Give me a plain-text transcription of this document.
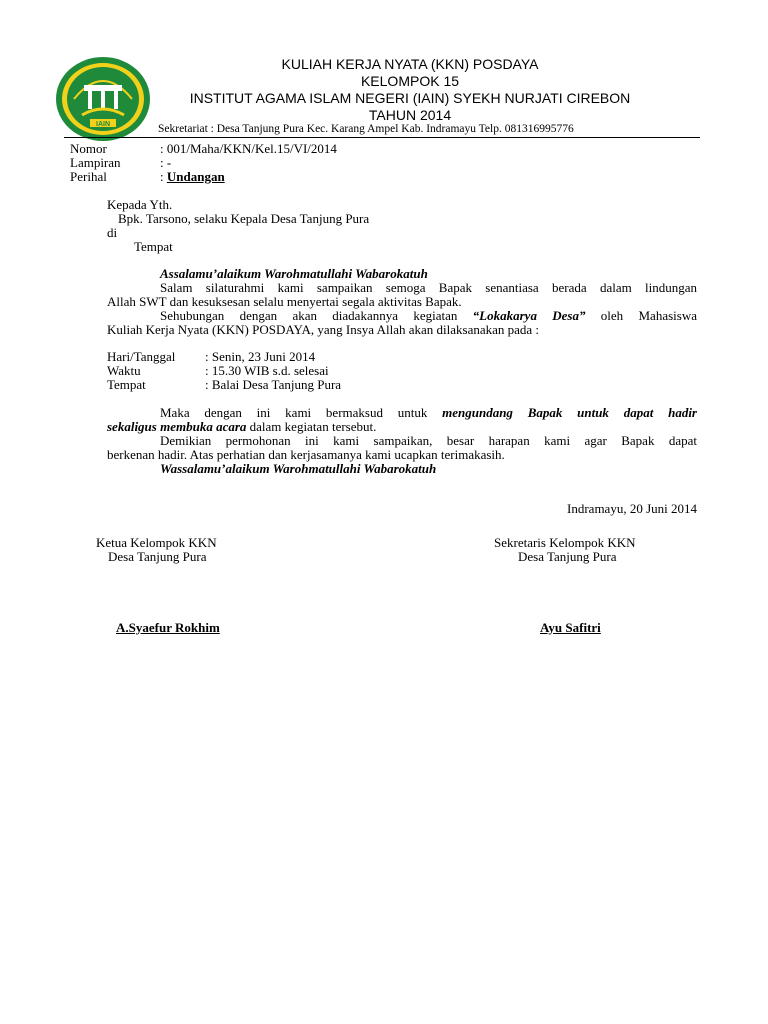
IAIN
KULIAH KERJA NYATA (KKN) POSDAYA
KELOMPOK 15
INSTITUT AGAMA ISLAM NEGERI (IAIN) SYEKH NURJATI CIREBON
TAHUN 2014
Sekretariat : Desa Tanjung Pura Kec. Karang Ampel Kab. Indramayu Telp. 081316995776
Nomor	: 001/Maha/KKN/Kel.15/VI/2014
Lampiran	: -
Perihal	: Undangan
Kepada Yth.
Bpk. Tarsono, selaku Kepala Desa Tanjung Pura
di
Tempat
Assalamu’alaikum Warohmatullahi Wabarokatuh
Salam silaturahmi kami sampaikan semoga Bapak senantiasa berada dalam lindungan
Allah SWT dan kesuksesan selalu menyertai segala aktivitas Bapak.
Sehubungan dengan akan diadakannya kegiatan “Lokakarya Desa” oleh Mahasiswa
Kuliah Kerja Nyata (KKN) POSDAYA, yang Insya Allah akan dilaksanakan pada :
Hari/Tanggal : Senin, 23 Juni 2014
Waktu	: 15.30 WIB s.d. selesai
Tempat	: Balai Desa Tanjung Pura
Maka dengan ini kami bermaksud untuk mengundang Bapak untuk dapat hadir
sekaligus membuka acara dalam kegiatan tersebut.
Demikian permohonan ini kami sampaikan, besar harapan kami agar Bapak dapat
berkenan hadir. Atas perhatian dan kerjasamanya kami ucapkan terimakasih.
Wassalamu’alaikum Warohmatullahi Wabarokatuh
Indramayu, 20 Juni 2014
Ketua Kelompok KKN
Desa Tanjung Pura
A.Syaefur Rokhim
Sekretaris Kelompok KKN
Desa Tanjung Pura
Ayu Safitri
